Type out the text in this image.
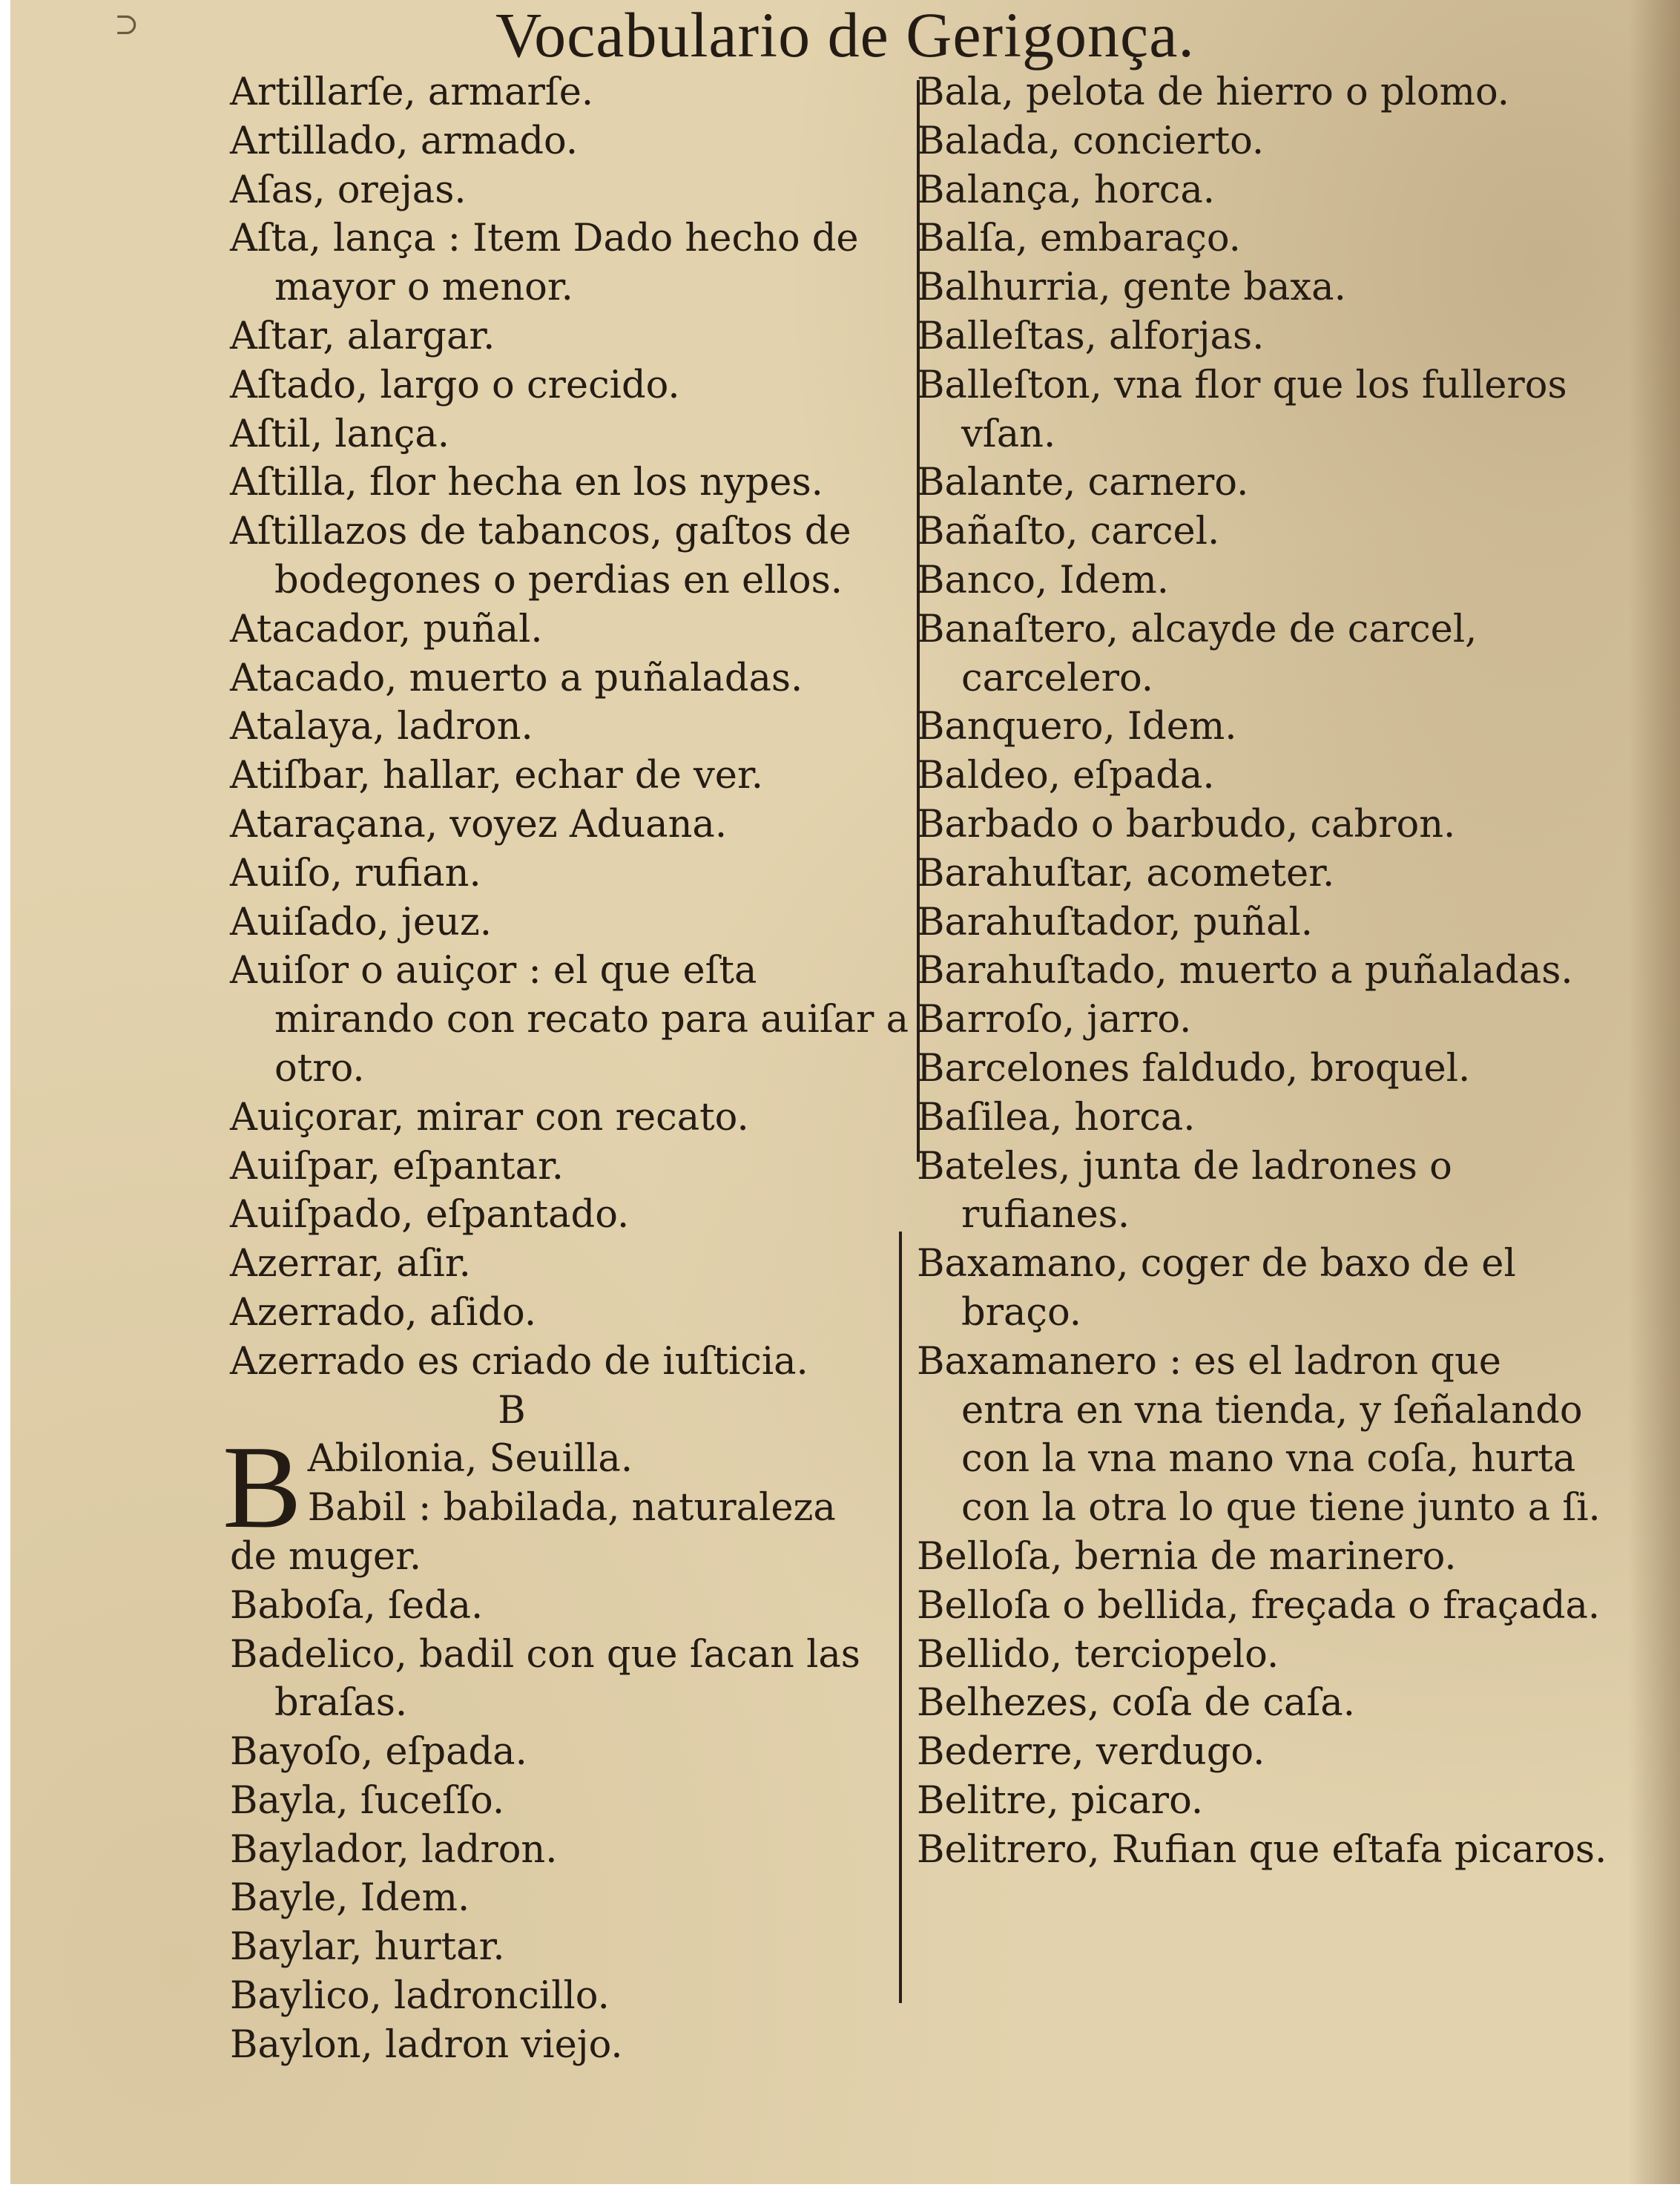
⊃	Vocabulario de Gerigonça.

Artillarſe, armarſe.

Artillado, armado.

Aſas, orejas.

Aſta, lança : Item Dado hecho de mayor o menor.

Aſtar, alargar.

Aſtado, largo o crecido.

Aſtil, lança.

Aſtilla, flor hecha en los nypes.

Aſtillazos de tabancos, gaſtos de bodegones o perdias en ellos.

Atacador, puñal.

Atacado, muerto a puñaladas.

Atalaya, ladron.

Atiſbar, hallar, echar de ver.

Ataraçana, voyez Aduana.

Auiſo, rufian.

Auiſado, jeuz.

Auiſor o auiçor : el que eſta mirando con recato para auiſar a otro.

Auiçorar, mirar con recato.

Auiſpar, eſpantar.

Auiſpado, eſpantado.

Azerrar, aſir.

Azerrado, aſido.

Azerrado es criado de iuſticia.

B

B Abilonia, Seuilla.
Babil : babilada, naturaleza de muger.

Baboſa, ſeda.

Badelico, badil con que ſacan las braſas.

Bayoſo, eſpada.

Bayla, ſuceſſo.

Baylador, ladron.

Bayle, Idem.

Baylar, hurtar.

Baylico, ladroncillo.

Baylon, ladron viejo.

Bala, pelota de hierro o plomo.

Balada, concierto.

Balança, horca.

Balſa, embaraço.

Balhurria, gente baxa.

Balleſtas, alforjas.

Balleſton, vna flor que los fulleros vſan.

Balante, carnero.

Bañaſto, carcel.

Banco, Idem.

Banaſtero, alcayde de carcel, carcelero.

Banquero, Idem.

Baldeo, eſpada.

Barbado o barbudo, cabron.

Barahuſtar, acometer.

Barahuſtador, puñal.

Barahuſtado, muerto a puñaladas.

Barroſo, jarro.

Barcelones faldudo, broquel.

Baſilea, horca.

Bateles, junta de ladrones o rufianes.

Baxamano, coger de baxo de el braço.

Baxamanero : es el ladron que entra en vna tienda, y ſeñalando con la vna mano vna coſa, hurta con la otra lo que tiene junto a ſi.

Belloſa, bernia de marinero.

Belloſa o bellida, freçada o fraçada.

Bellido, terciopelo.

Belhezes, coſa de caſa.

Bederre, verdugo.

Belitre, picaro.

Belitrero, Rufian que eſtafa picaros.
